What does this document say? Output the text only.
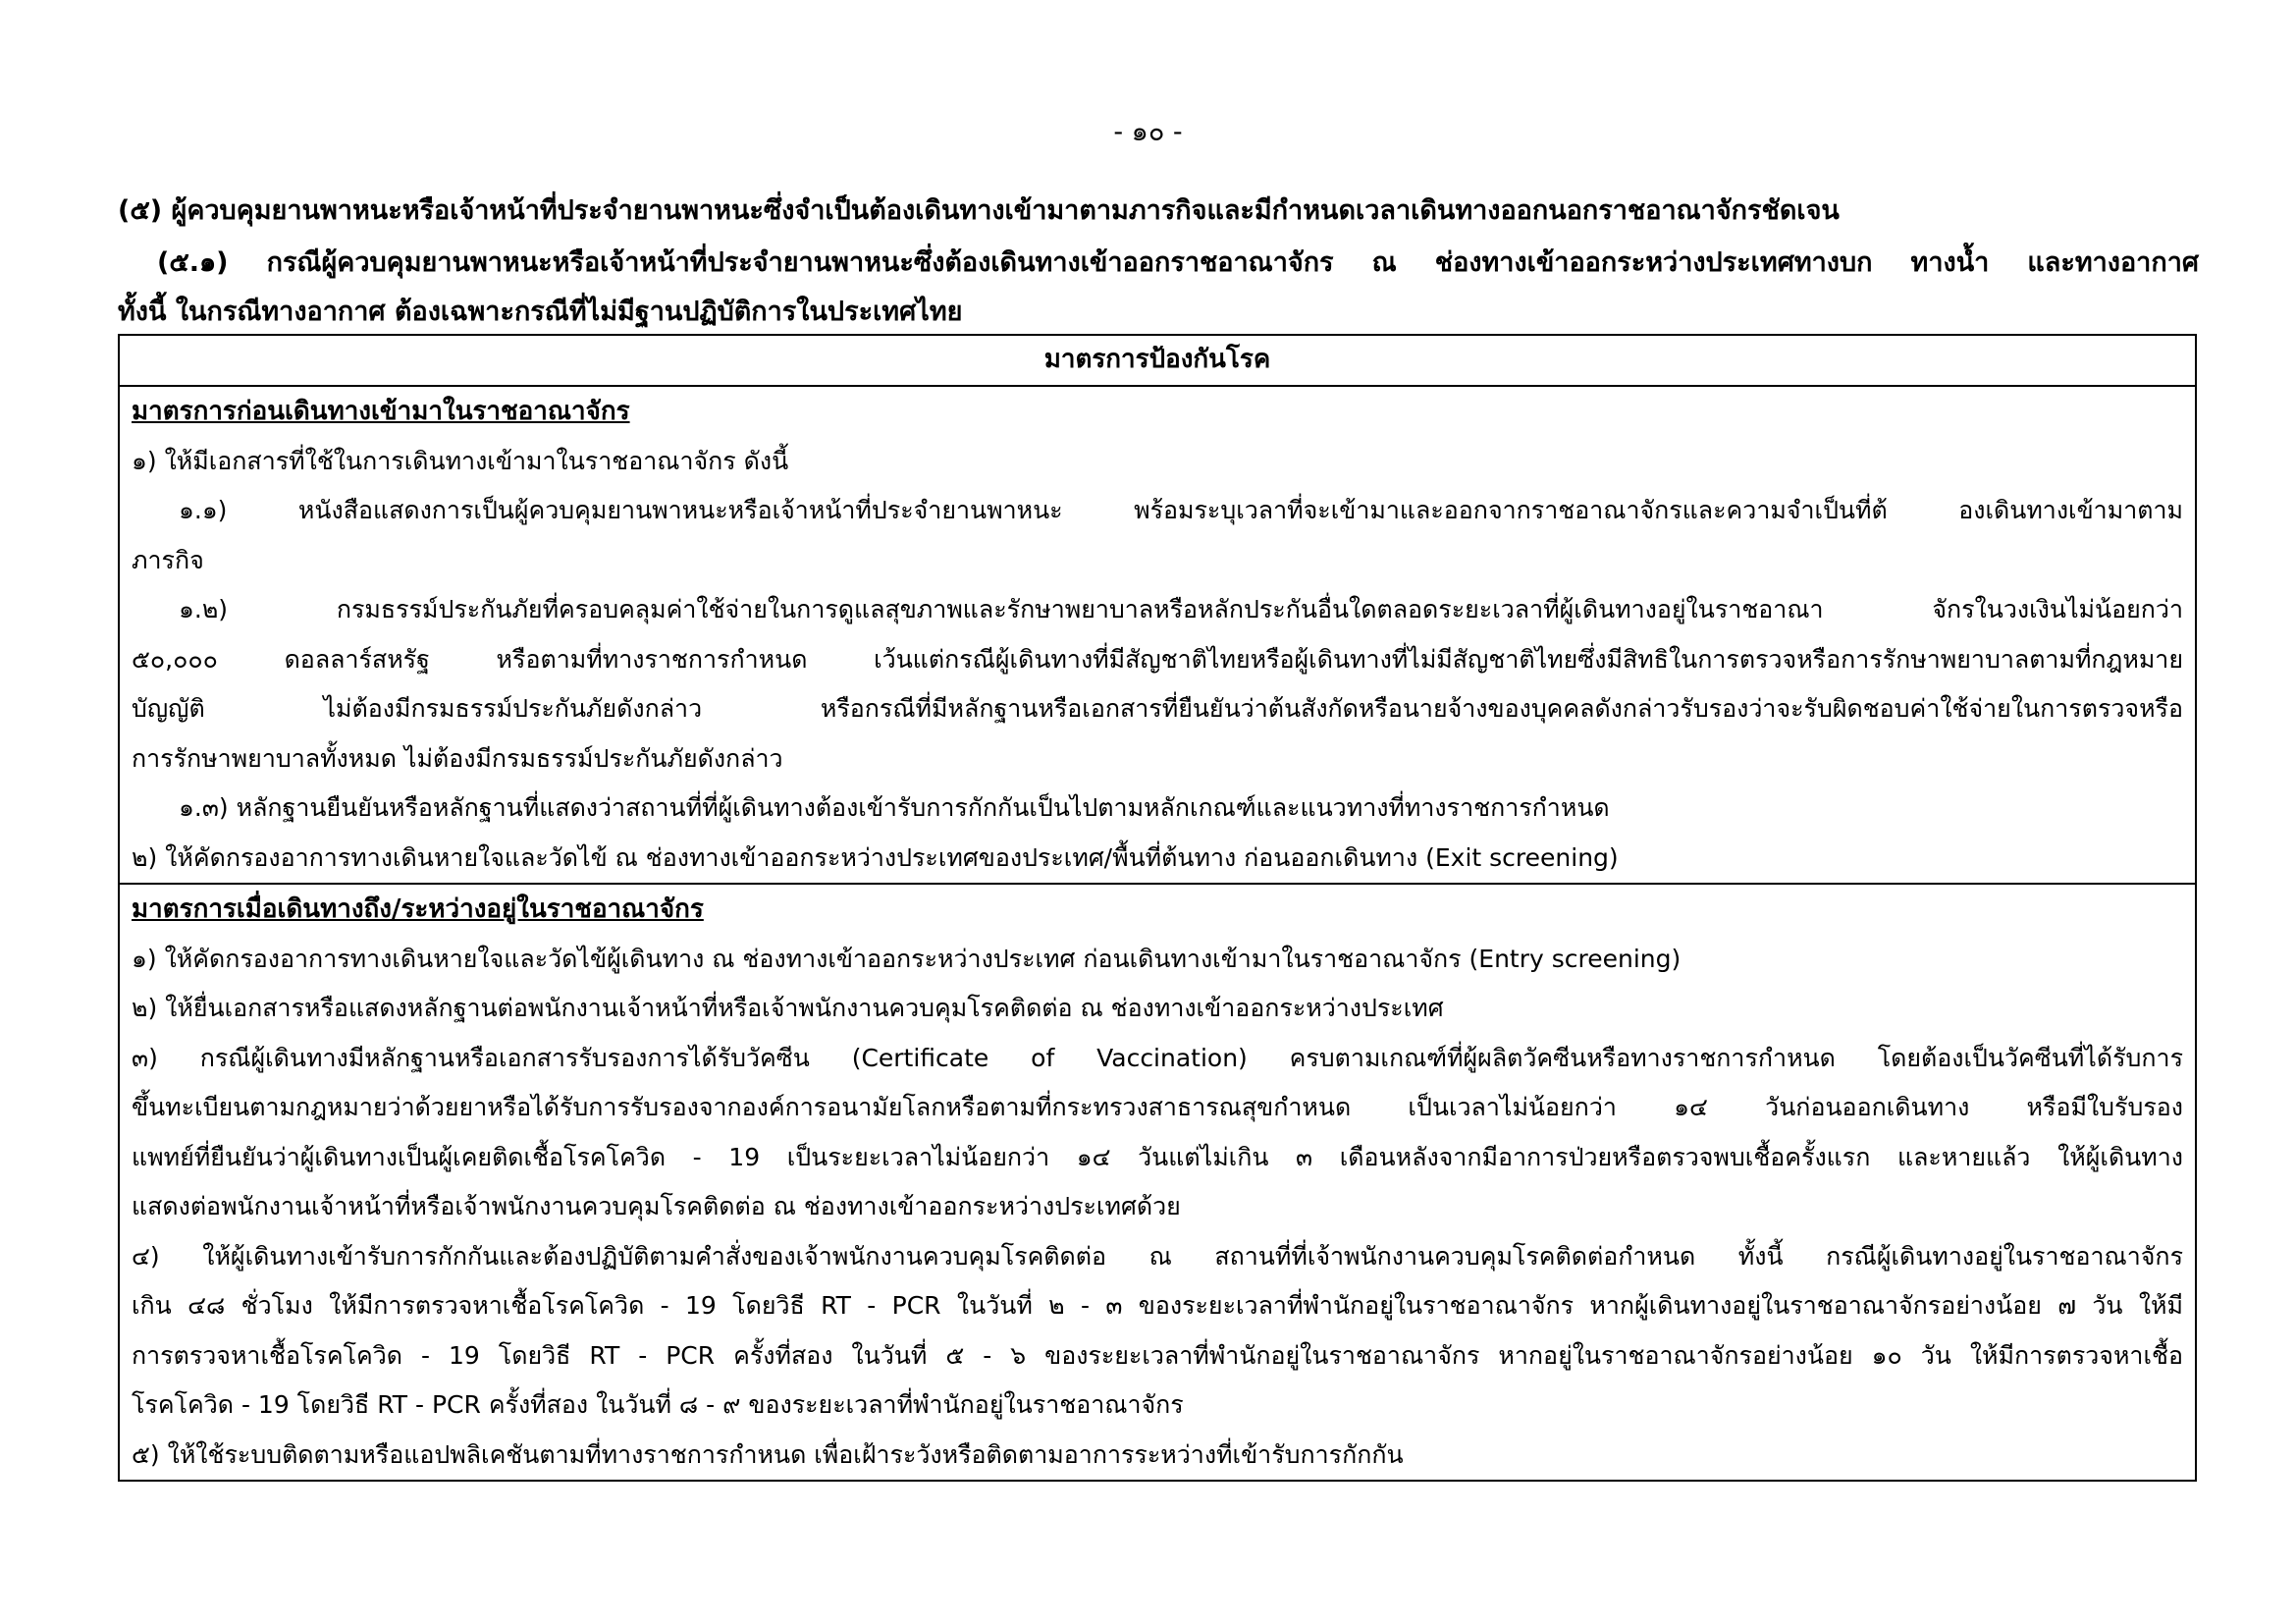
- ๑๐ -
(๕) ผู้ควบคุมยานพาหนะหรือเจ้าหน้าที่ประจำยานพาหนะซึ่งจำเป็นต้องเดินทางเข้ามาตามภารกิจและมีกำหนดเวลาเดินทางออกนอกราชอาณาจักรชัดเจน
(๕.๑) กรณีผู้ควบคุมยานพาหนะหรือเจ้าหน้าที่ประจำยานพาหนะซึ่งต้องเดินทางเข้าออกราชอาณาจักร ณ ช่องทางเข้าออกระหว่างประเทศทางบก ทางน้ำ และทางอากาศ
ทั้งนี้ ในกรณีทางอากาศ ต้องเฉพาะกรณีที่ไม่มีฐานปฏิบัติการในประเทศไทย
มาตรการป้องกันโรค

มาตรการก่อนเดินทางเข้ามาในราชอาณาจักร
๑) ให้มีเอกสารที่ใช้ในการเดินทางเข้ามาในราชอาณาจักร ดังนี้
๑.๑) หนังสือแสดงการเป็นผู้ควบคุมยานพาหนะหรือเจ้าหน้าที่ประจำยานพาหนะ พร้อมระบุเวลาที่จะเข้ามาและออกจากราชอาณาจักรและความจำเป็นที่ต้ องเดินทางเข้ามาตาม
ภารกิจ
๑.๒) กรมธรรม์ประกันภัยที่ครอบคลุมค่าใช้จ่ายในการดูแลสุขภาพและรักษาพยาบาลหรือหลักประกันอื่นใดตลอดระยะเวลาที่ผู้เดินทางอยู่ในราชอาณา จักรในวงเงินไม่น้อยกว่า
๕๐,๐๐๐ ดอลลาร์สหรัฐ หรือตามที่ทางราชการกำหนด เว้นแต่กรณีผู้เดินทางที่มีสัญชาติไทยหรือผู้เดินทางที่ไม่มีสัญชาติไทยซึ่งมีสิทธิในการตรวจหรือการรักษาพยาบาลตามที่กฎหมาย
บัญญัติ ไม่ต้องมีกรมธรรม์ประกันภัยดังกล่าว หรือกรณีที่มีหลักฐานหรือเอกสารที่ยืนยันว่าต้นสังกัดหรือนายจ้างของบุคคลดังกล่าวรับรองว่าจะรับผิดชอบค่าใช้จ่ายในการตรวจหรือ
การรักษาพยาบาลทั้งหมด ไม่ต้องมีกรมธรรม์ประกันภัยดังกล่าว
๑.๓) หลักฐานยืนยันหรือหลักฐานที่แสดงว่าสถานที่ที่ผู้เดินทางต้องเข้ารับการกักกันเป็นไปตามหลักเกณฑ์และแนวทางที่ทางราชการกำหนด
๒) ให้คัดกรองอาการทางเดินหายใจและวัดไข้ ณ ช่องทางเข้าออกระหว่างประเทศของประเทศ/พื้นที่ต้นทาง ก่อนออกเดินทาง (Exit screening)

มาตรการเมื่อเดินทางถึง/ระหว่างอยู่ในราชอาณาจักร
๑) ให้คัดกรองอาการทางเดินหายใจและวัดไข้ผู้เดินทาง ณ ช่องทางเข้าออกระหว่างประเทศ ก่อนเดินทางเข้ามาในราชอาณาจักร (Entry screening)
๒) ให้ยื่นเอกสารหรือแสดงหลักฐานต่อพนักงานเจ้าหน้าที่หรือเจ้าพนักงานควบคุมโรคติดต่อ ณ ช่องทางเข้าออกระหว่างประเทศ
๓) กรณีผู้เดินทางมีหลักฐานหรือเอกสารรับรองการได้รับวัคซีน (Certificate of Vaccination) ครบตามเกณฑ์ที่ผู้ผลิตวัคซีนหรือทางราชการกำหนด โดยต้องเป็นวัคซีนที่ได้รับการ
ขึ้นทะเบียนตามกฎหมายว่าด้วยยาหรือได้รับการรับรองจากองค์การอนามัยโลกหรือตามที่กระทรวงสาธารณสุขกำหนด เป็นเวลาไม่น้อยกว่า ๑๔ วันก่อนออกเดินทาง หรือมีใบรับรอง
แพทย์ที่ยืนยันว่าผู้เดินทางเป็นผู้เคยติดเชื้อโรคโควิด - 19 เป็นระยะเวลาไม่น้อยกว่า ๑๔ วันแต่ไม่เกิน ๓ เดือนหลังจากมีอาการป่วยหรือตรวจพบเชื้อครั้งแรก และหายแล้ว ให้ผู้เดินทาง
แสดงต่อพนักงานเจ้าหน้าที่หรือเจ้าพนักงานควบคุมโรคติดต่อ ณ ช่องทางเข้าออกระหว่างประเทศด้วย
๔) ให้ผู้เดินทางเข้ารับการกักกันและต้องปฏิบัติตามคำสั่งของเจ้าพนักงานควบคุมโรคติดต่อ ณ สถานที่ที่เจ้าพนักงานควบคุมโรคติดต่อกำหนด ทั้งนี้ กรณีผู้เดินทางอยู่ในราชอาณาจักร
เกิน ๔๘ ชั่วโมง ให้มีการตรวจหาเชื้อโรคโควิด - 19 โดยวิธี RT - PCR ในวันที่ ๒ - ๓ ของระยะเวลาที่พำนักอยู่ในราชอาณาจักร หากผู้เดินทางอยู่ในราชอาณาจักรอย่างน้อย ๗ วัน ให้มี
การตรวจหาเชื้อโรคโควิด - 19 โดยวิธี RT - PCR ครั้งที่สอง ในวันที่ ๕ - ๖ ของระยะเวลาที่พำนักอยู่ในราชอาณาจักร หากอยู่ในราชอาณาจักรอย่างน้อย ๑๐ วัน ให้มีการตรวจหาเชื้อ
โรคโควิด - 19 โดยวิธี RT - PCR ครั้งที่สอง ในวันที่ ๘ - ๙ ของระยะเวลาที่พำนักอยู่ในราชอาณาจักร
๕) ให้ใช้ระบบติดตามหรือแอปพลิเคชันตามที่ทางราชการกำหนด เพื่อเฝ้าระวังหรือติดตามอาการระหว่างที่เข้ารับการกักกัน
